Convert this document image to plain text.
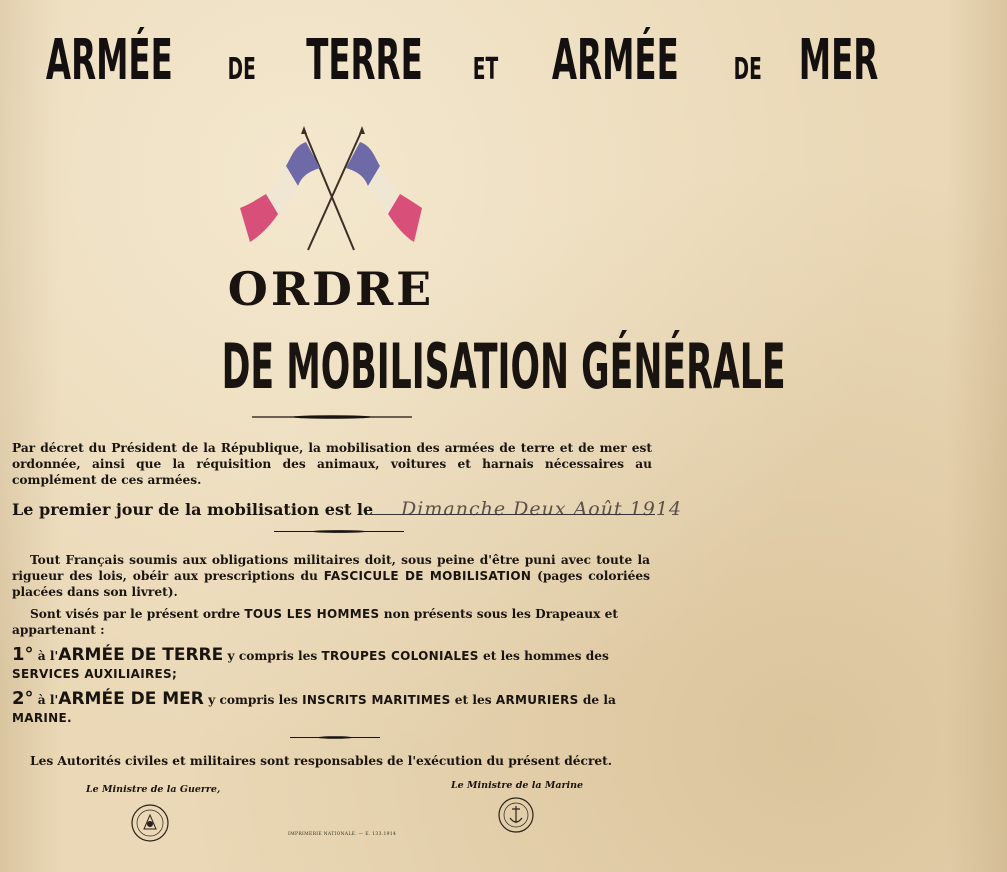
ARMÉE DE TERRE ET ARMÉE DE MER
ORDRE
DE MOBILISATION GÉNÉRALE
Par décret du Président de la République, la mobilisation des armées de terre et de mer est ordonnée, ainsi que la réquisition des animaux, voitures et harnais nécessaires au complément de ces armées.
Le premier jour de la mobilisation est le Dimanche Deux Août 1914
Tout Français soumis aux obligations militaires doit, sous peine d'être puni avec toute la rigueur des lois, obéir aux prescriptions du FASCICULE DE MOBILISATION (pages coloriées placées dans son livret).
Sont visés par le présent ordre TOUS LES HOMMES non présents sous les Drapeaux et appartenant :
1° à l'ARMÉE DE TERRE y compris les TROUPES COLONIALES et les hommes des SERVICES AUXILIAIRES;
2° à l'ARMÉE DE MER y compris les INSCRITS MARITIMES et les ARMURIERS de la MARINE.
Les Autorités civiles et militaires sont responsables de l'exécution du présent décret.
Le Ministre de la Guerre,	Le Ministre de la Marine
IMPRIMERIE NATIONALE. — E. 133.1914
